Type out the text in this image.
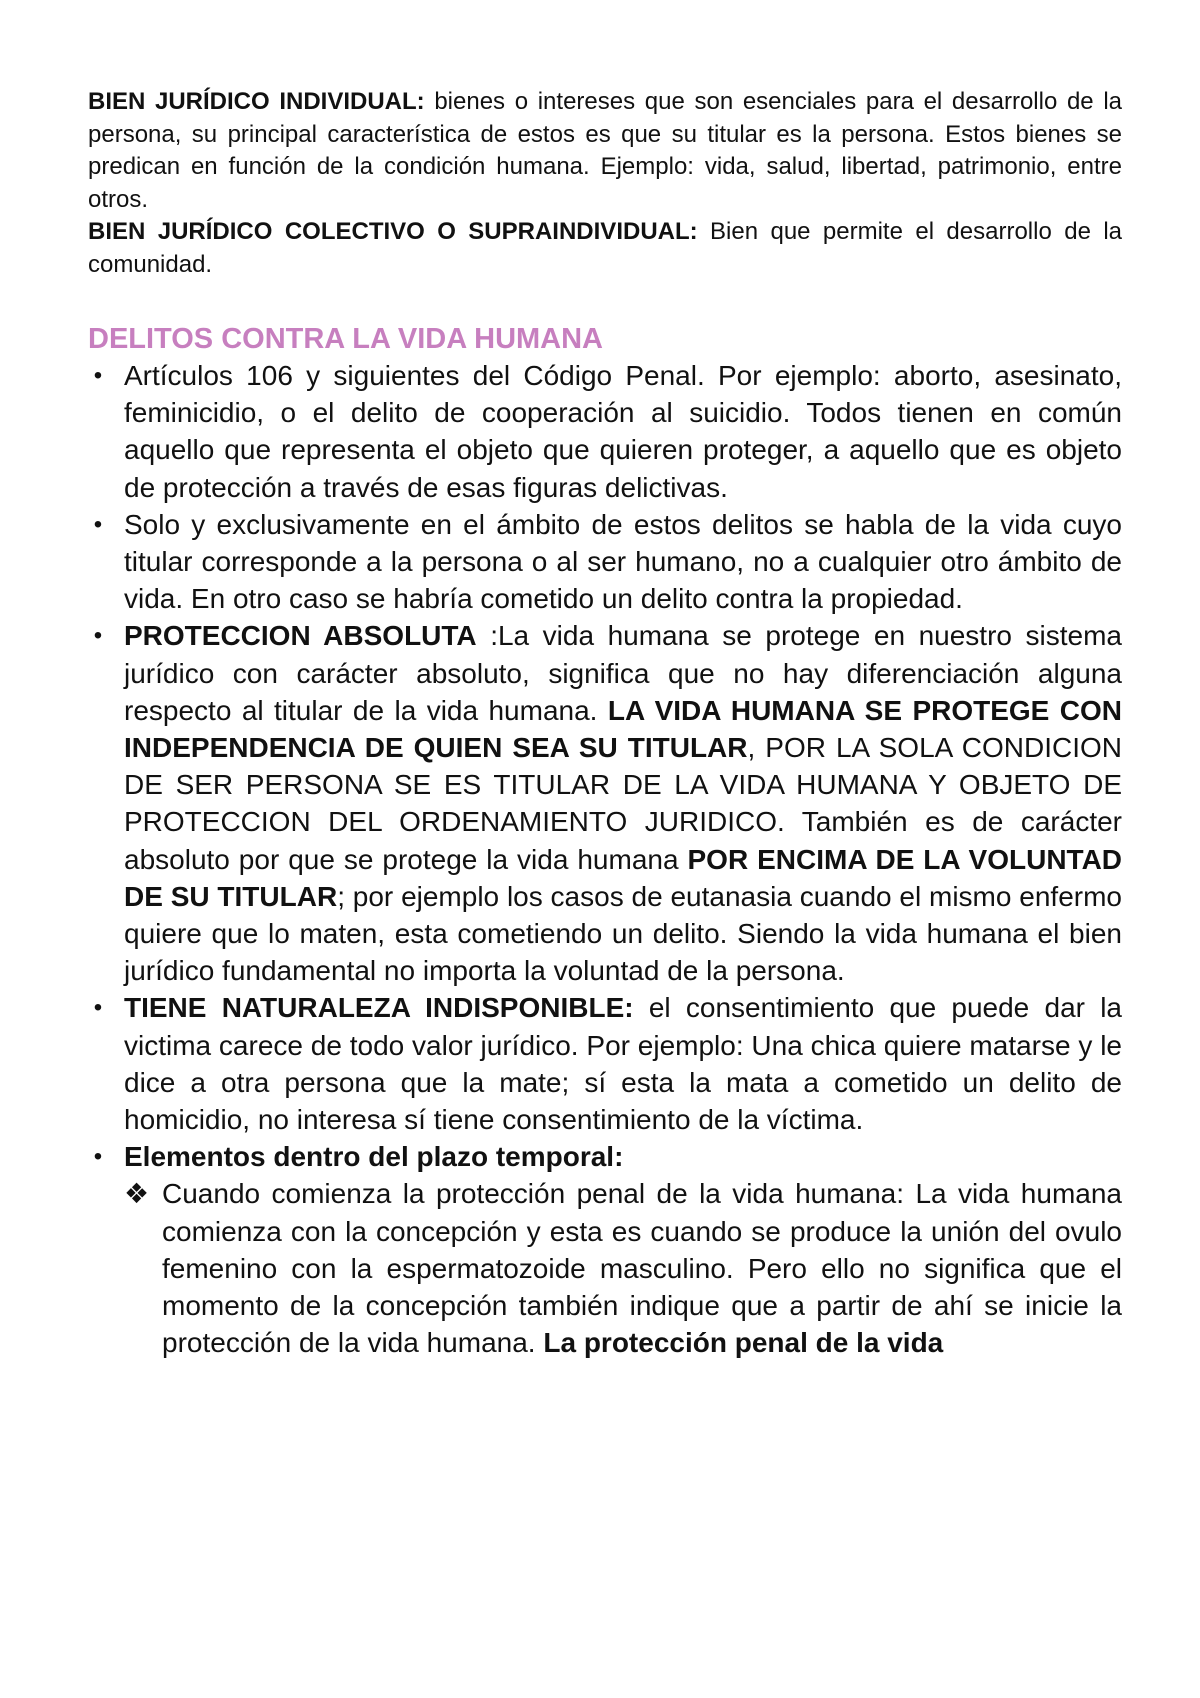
BIEN JURÍDICO INDIVIDUAL: bienes o intereses que son esenciales para el desarrollo de la persona, su principal característica de estos es que su titular es la persona. Estos bienes se predican en función de la condición humana. Ejemplo: vida, salud, libertad, patrimonio, entre otros.

BIEN JURÍDICO COLECTIVO O SUPRAINDIVIDUAL: Bien que permite el desarrollo de la comunidad.

DELITOS CONTRA LA VIDA HUMANA
• Artículos 106 y siguientes del Código Penal. Por ejemplo: aborto, asesinato, feminicidio, o el delito de cooperación al suicidio. Todos tienen en común aquello que representa el objeto que quieren proteger, a aquello que es objeto de protección a través de esas figuras delictivas.
• Solo y exclusivamente en el ámbito de estos delitos se habla de la vida cuyo titular corresponde a la persona o al ser humano, no a cualquier otro ámbito de vida. En otro caso se habría cometido un delito contra la propiedad.
• PROTECCION ABSOLUTA :La vida humana se protege en nuestro sistema jurídico con carácter absoluto, significa que no hay diferenciación alguna respecto al titular de la vida humana. LA VIDA HUMANA SE PROTEGE CON INDEPENDENCIA DE QUIEN SEA SU TITULAR, POR LA SOLA CONDICION DE SER PERSONA SE ES TITULAR DE LA VIDA HUMANA Y OBJETO DE PROTECCION DEL ORDENAMIENTO JURIDICO. También es de carácter absoluto por que se protege la vida humana POR ENCIMA DE LA VOLUNTAD DE SU TITULAR; por ejemplo los casos de eutanasia cuando el mismo enfermo quiere que lo maten, esta cometiendo un delito. Siendo la vida humana el bien jurídico fundamental no importa la voluntad de la persona.
• TIENE NATURALEZA INDISPONIBLE: el consentimiento que puede dar la victima carece de todo valor jurídico. Por ejemplo: Una chica quiere matarse y le dice a otra persona que la mate; sí esta la mata a cometido un delito de homicidio, no interesa sí tiene consentimiento de la víctima.
• Elementos dentro del plazo temporal:
❖ Cuando comienza la protección penal de la vida humana: La vida humana comienza con la concepción y esta es cuando se produce la unión del ovulo femenino con la espermatozoide masculino. Pero ello no significa que el momento de la concepción también indique que a partir de ahí se inicie la protección de la vida humana. La protección penal de la vida
